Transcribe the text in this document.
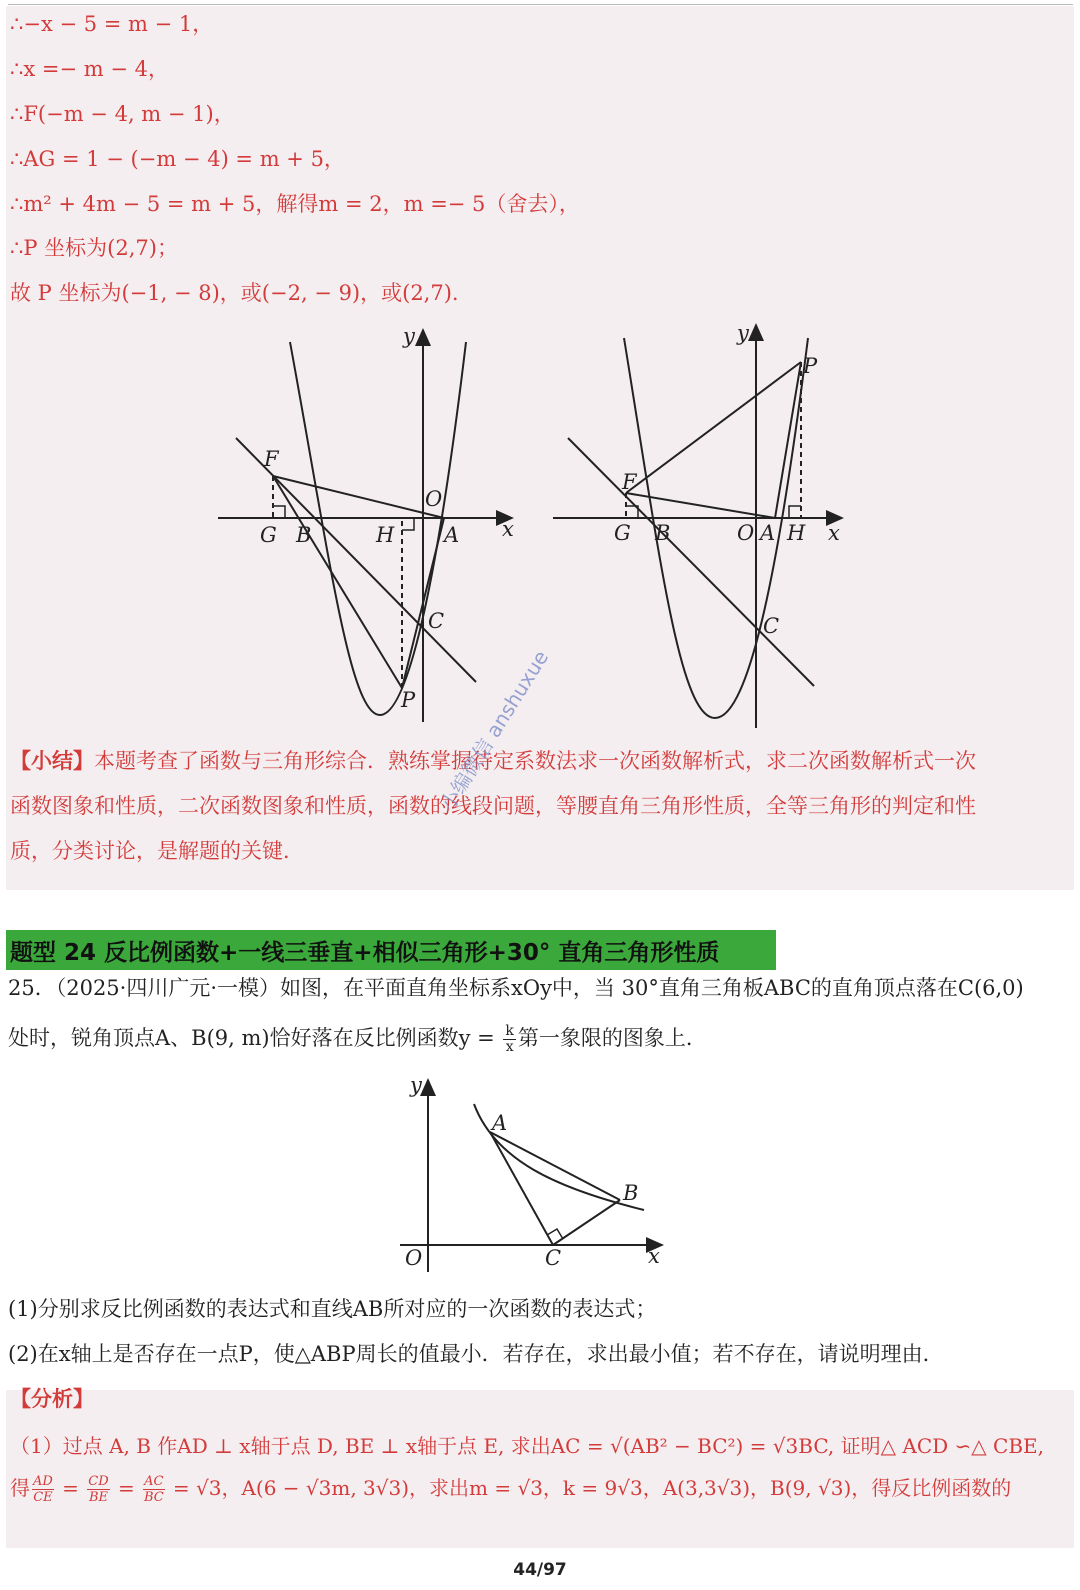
∴−x − 5 = m − 1，
∴x =− m − 4，
∴F(−m − 4, m − 1)，
∴AG = 1 − (−m − 4) = m + 5，
∴m² + 4m − 5 = m + 5，解得m = 2，m =− 5（舍去），
∴P 坐标为(2,7)；
故 P 坐标为(−1, − 8)，或(−2, − 9)，或(2,7).
y
F
O
G B	H A x
C
P
y
P
F
G B	O A H x
C
【小结】本题考查了函数与三角形综合．熟练掌握待定系数法求一次函数解析式，求二次函数解析式一次
函数图象和性质，二次函数图象和性质，函数的线段问题，等腰直角三角形性质，全等三角形的判定和性
质，分类讨论，是解题的关键．
小编微信 anshuxue
题型 24 反比例函数+一线三垂直+相似三角形+30° 直角三角形性质
25．（2025·四川广元·一模）如图，在平面直角坐标系xOy中，当 30°直角三角板ABC的直角顶点落在C(6,0)
处时，锐角顶点A、B(9, m)恰好落在反比例函数$y = \frac{k}{x}$ 第一象限的图象上．
y
A
B
O	C	x
(1)分别求反比例函数的表达式和直线AB所对应的一次函数的表达式；
(2)在x轴上是否存在一点P，使△ABP周长的值最小．若存在，求出最小值；若不存在，请说明理由．
【分析】
（1）过点 A, B 作AD ⊥ x轴于点 D, BE ⊥ x轴于点 E, 求出AC = √(AB² − BC²) = √3BC, 证明△ ACD ∽△ CBE,
得 $\frac{AD}{CE} = \frac{CD}{BE} = \frac{AC}{BC} = √3$，A(6 − √3m, 3√3)，求出m = √3，k = 9√3，A(3,3√3)，B(9, √3)，得反比例函数的
44/97
